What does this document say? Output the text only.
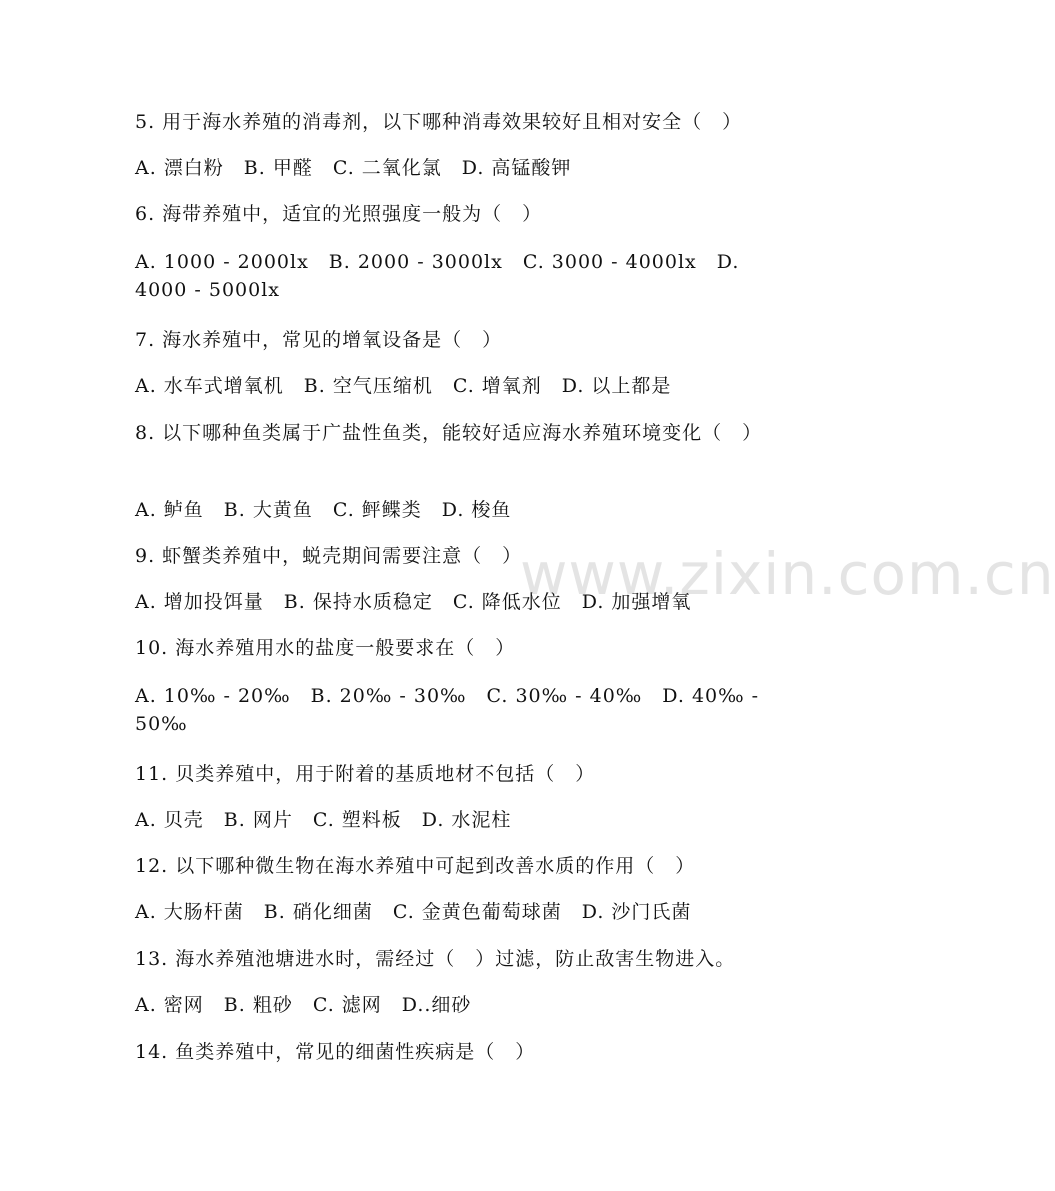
www.zixin.com.cn
5. 用于海水养殖的消毒剂，以下哪种消毒效果较好且相对安全（　）
A. 漂白粉　B. 甲醛　C. 二氧化氯　D. 高锰酸钾
6. 海带养殖中，适宜的光照强度一般为（　）
A. 1000 - 2000lx　B. 2000 - 3000lx　C. 3000 - 4000lx　D. 4000 - 5000lx
7. 海水养殖中，常见的增氧设备是（　）
A. 水车式增氧机　B. 空气压缩机　C. 增氧剂　D. 以上都是
8. 以下哪种鱼类属于广盐性鱼类，能较好适应海水养殖环境变化（　）
A. 鲈鱼　B. 大黄鱼　C. 鲆鲽类　D. 梭鱼
9. 虾蟹类养殖中，蜕壳期间需要注意（　）
A. 增加投饵量　B. 保持水质稳定　C. 降低水位　D. 加强增氧
10. 海水养殖用水的盐度一般要求在（　）
A. 10‰ - 20‰　B. 20‰ - 30‰　C. 30‰ - 40‰　D. 40‰ - 50‰
11. 贝类养殖中，用于附着的基质地材不包括（　）
A. 贝壳　B. 网片　C. 塑料板　D. 水泥柱
12. 以下哪种微生物在海水养殖中可起到改善水质的作用（　）
A. 大肠杆菌　B. 硝化细菌　C. 金黄色葡萄球菌　D. 沙门氏菌
13. 海水养殖池塘进水时，需经过（　）过滤，防止敌害生物进入。
A. 密网　B. 粗砂　C. 滤网　D..细砂
14. 鱼类养殖中，常见的细菌性疾病是（　）
